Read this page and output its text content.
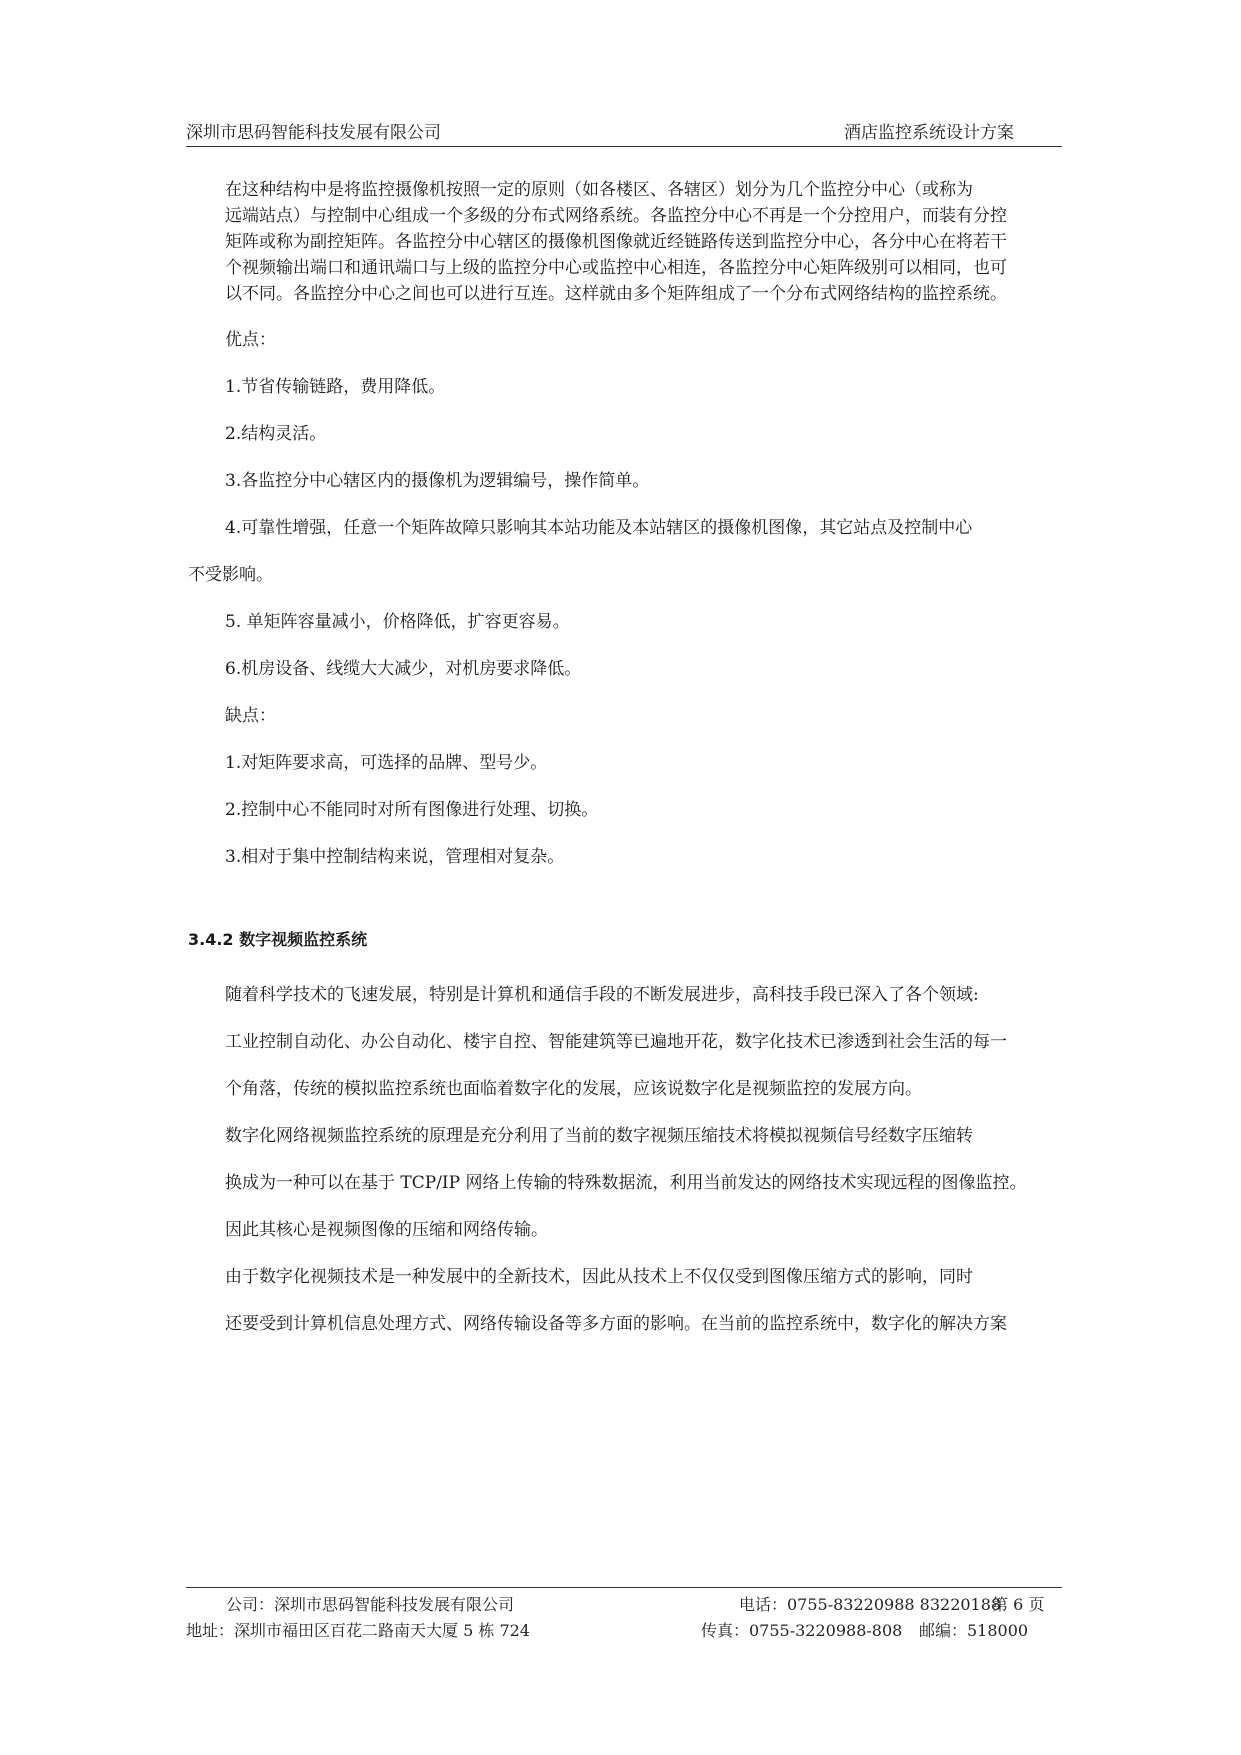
深圳市思码智能科技发展有限公司	酒店监控系统设计方案

在这种结构中是将监控摄像机按照一定的原则（如各楼区、各辖区）划分为几个监控分中心（或称为
远端站点）与控制中心组成一个多级的分布式网络系统。各监控分中心不再是一个分控用户，而装有分控
矩阵或称为副控矩阵。各监控分中心辖区的摄像机图像就近经链路传送到监控分中心，各分中心在将若干
个视频输出端口和通讯端口与上级的监控分中心或监控中心相连，各监控分中心矩阵级别可以相同，也可
以不同。各监控分中心之间也可以进行互连。这样就由多个矩阵组成了一个分布式网络结构的监控系统。

优点：

1.节省传输链路，费用降低。

2.结构灵活。

3.各监控分中心辖区内的摄像机为逻辑编号，操作简单。

4.可靠性增强，任意一个矩阵故障只影响其本站功能及本站辖区的摄像机图像，其它站点及控制中心

不受影响。

5. 单矩阵容量减小，价格降低，扩容更容易。

6.机房设备、线缆大大减少，对机房要求降低。

缺点：

1.对矩阵要求高，可选择的品牌、型号少。

2.控制中心不能同时对所有图像进行处理、切换。

3.相对于集中控制结构来说，管理相对复杂。

3.4.2 数字视频监控系统

随着科学技术的飞速发展，特别是计算机和通信手段的不断发展进步，高科技手段已深入了各个领域:
工业控制自动化、办公自动化、楼宇自控、智能建筑等已遍地开花，数字化技术已渗透到社会生活的每一
个角落，传统的模拟监控系统也面临着数字化的发展，应该说数字化是视频监控的发展方向。

数字化网络视频监控系统的原理是充分利用了当前的数字视频压缩技术将模拟视频信号经数字压缩转
换成为一种可以在基于 TCP/IP 网络上传输的特殊数据流，利用当前发达的网络技术实现远程的图像监控。
因此其核心是视频图像的压缩和网络传输。

由于数字化视频技术是一种发展中的全新技术，因此从技术上不仅仅受到图像压缩方式的影响，同时
还要受到计算机信息处理方式、网络传输设备等多方面的影响。在当前的监控系统中，数字化的解决方案

公司：深圳市思码智能科技发展有限公司	电话：0755-83220988 83220188
第 6 页
地址：深圳市福田区百花二路南天大厦 5 栋 724	传真：0755-3220988-808 邮编：518000
